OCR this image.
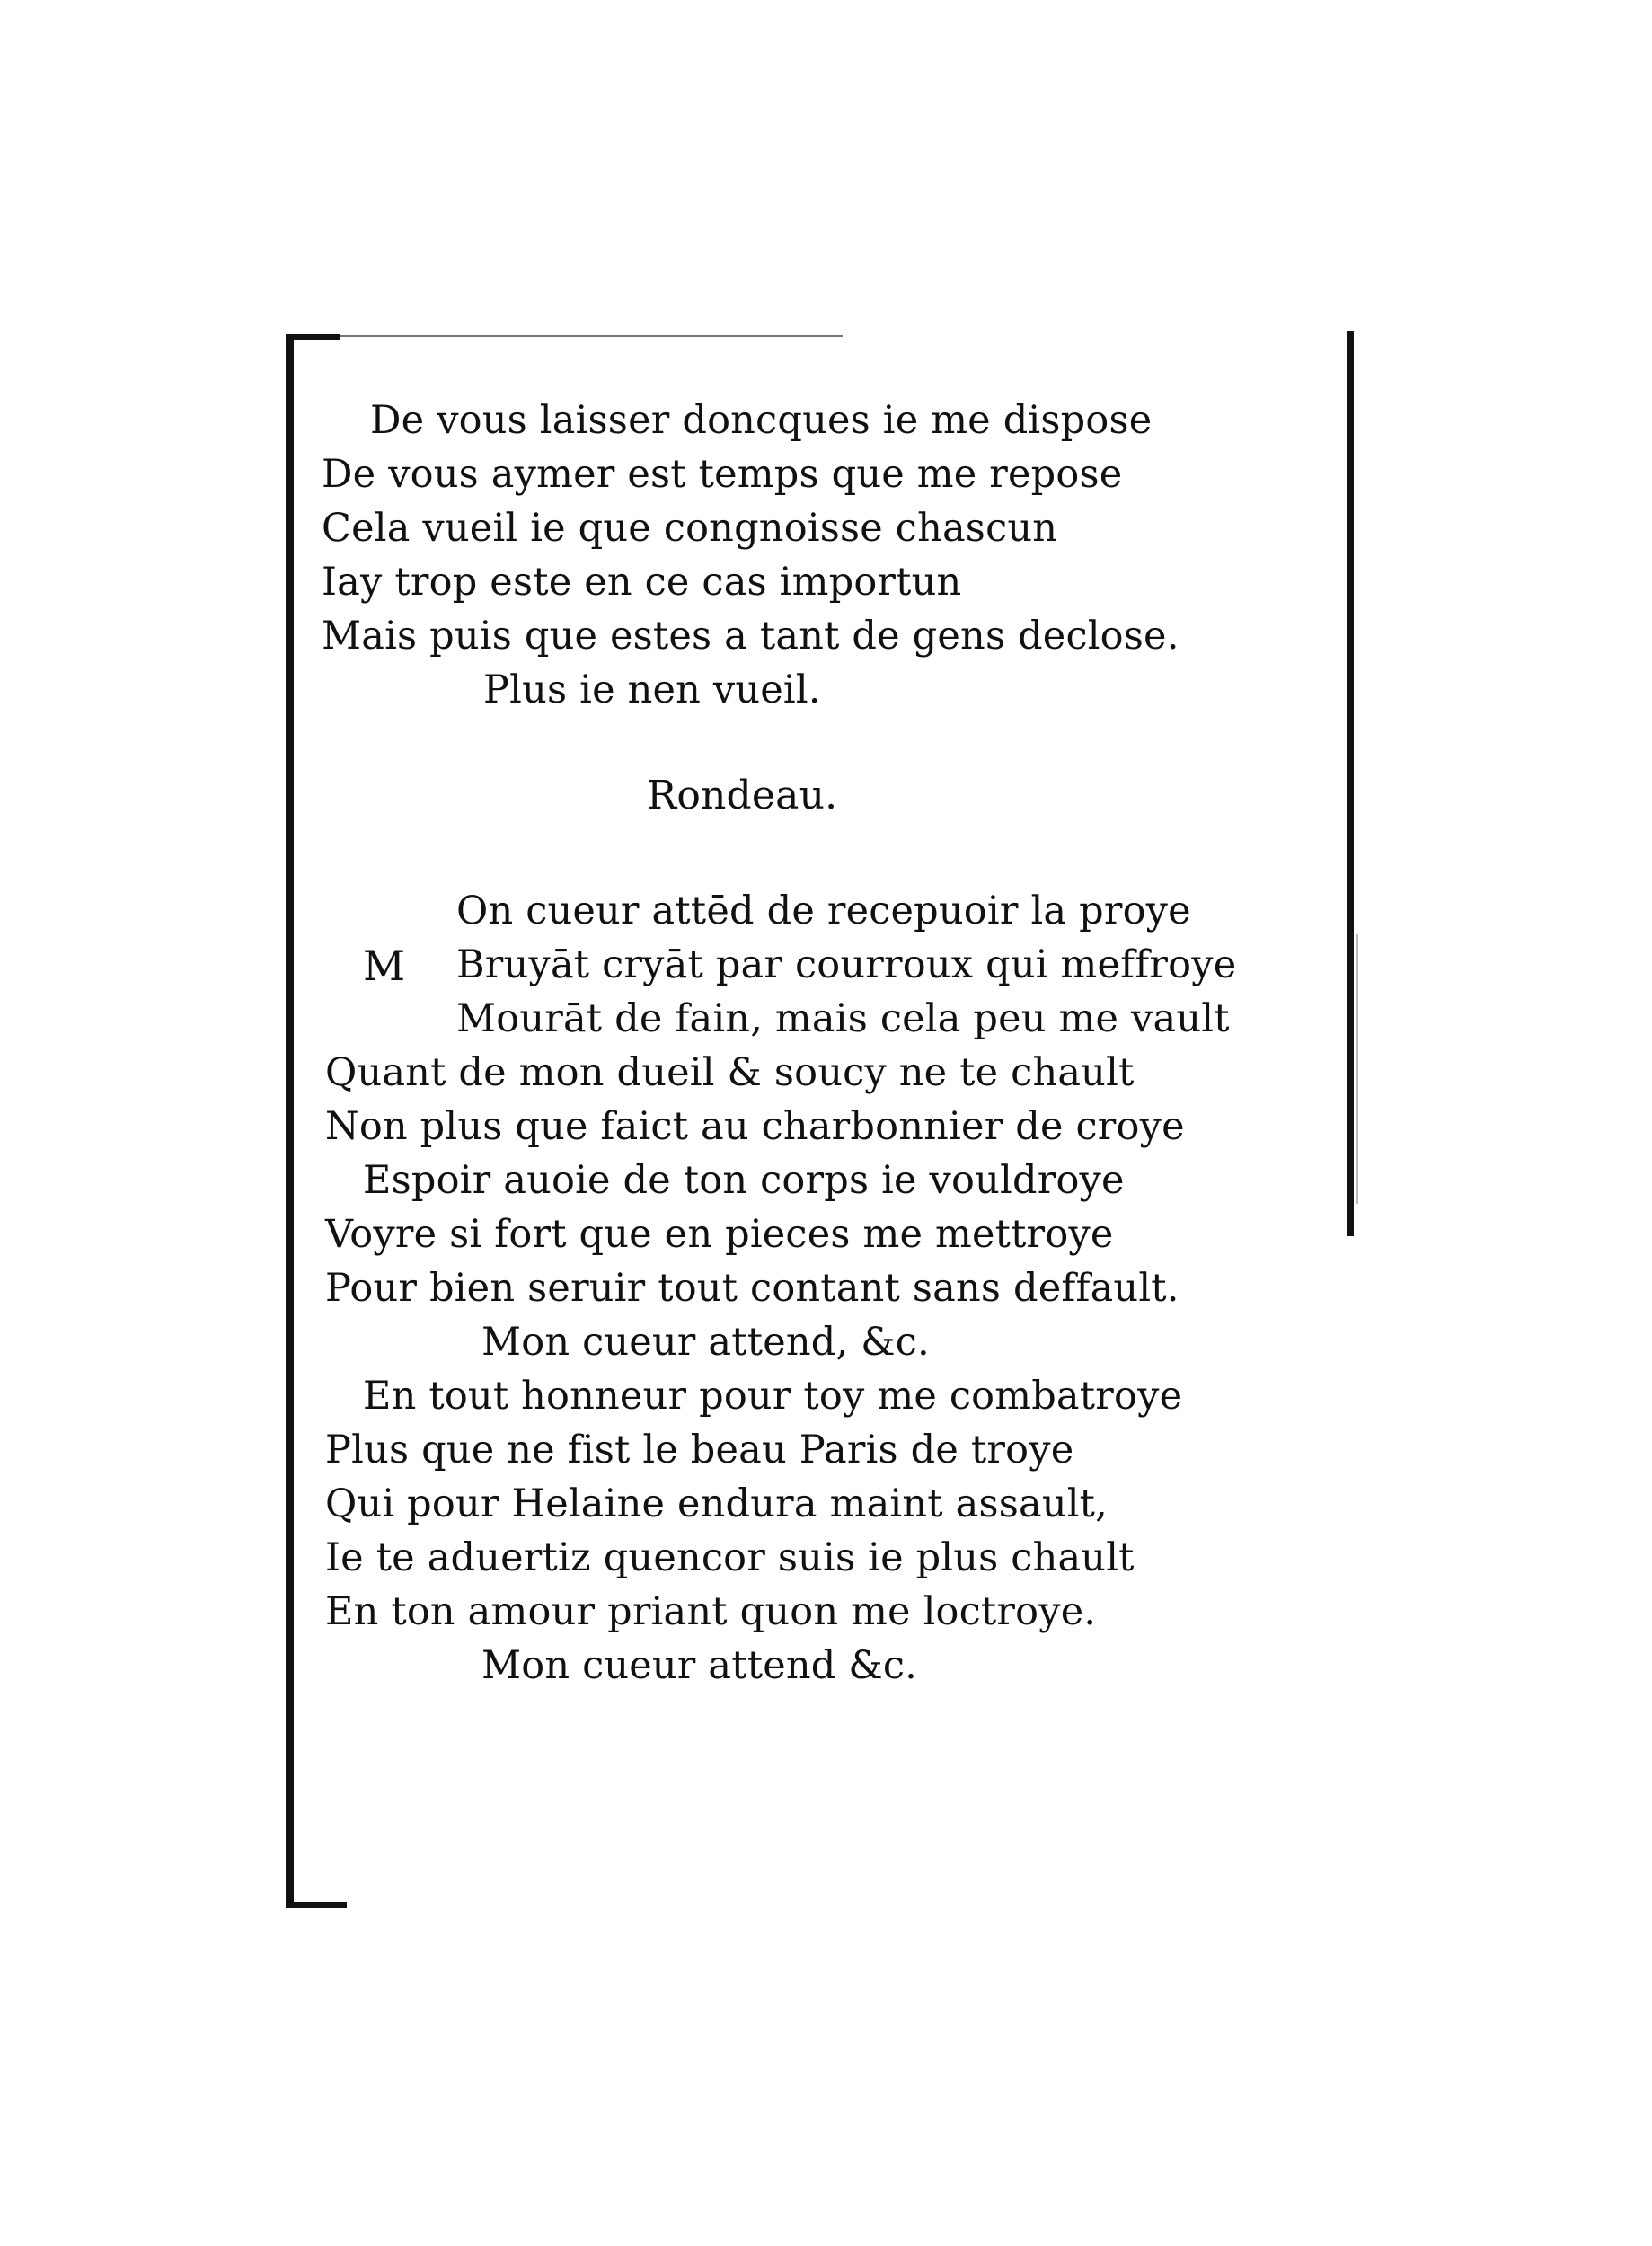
De vous laisser doncques ie me dispose
De vous aymer est temps que me repose
Cela vueil ie que congnoisse chascun
Iay trop este en ce cas importun
Mais puis que estes a tant de gens declose.
Plus ie nen vueil.
Rondeau.
M
On cueur attēd de recepuoir la proye
Bruyāt cryāt par courroux qui meffroye
Mourāt de fain, mais cela peu me vault
Quant de mon dueil & soucy ne te chault
Non plus que faict au charbonnier de croye
Espoir auoie de ton corps ie vouldroye
Voyre si fort que en pieces me mettroye
Pour bien seruir tout contant sans deffault.
Mon cueur attend, &c.
En tout honneur pour toy me combatroye
Plus que ne fist le beau Paris de troye
Qui pour Helaine endura maint assault,
Ie te aduertiz quencor suis ie plus chault
En ton amour priant quon me loctroye.
Mon cueur attend &c.
